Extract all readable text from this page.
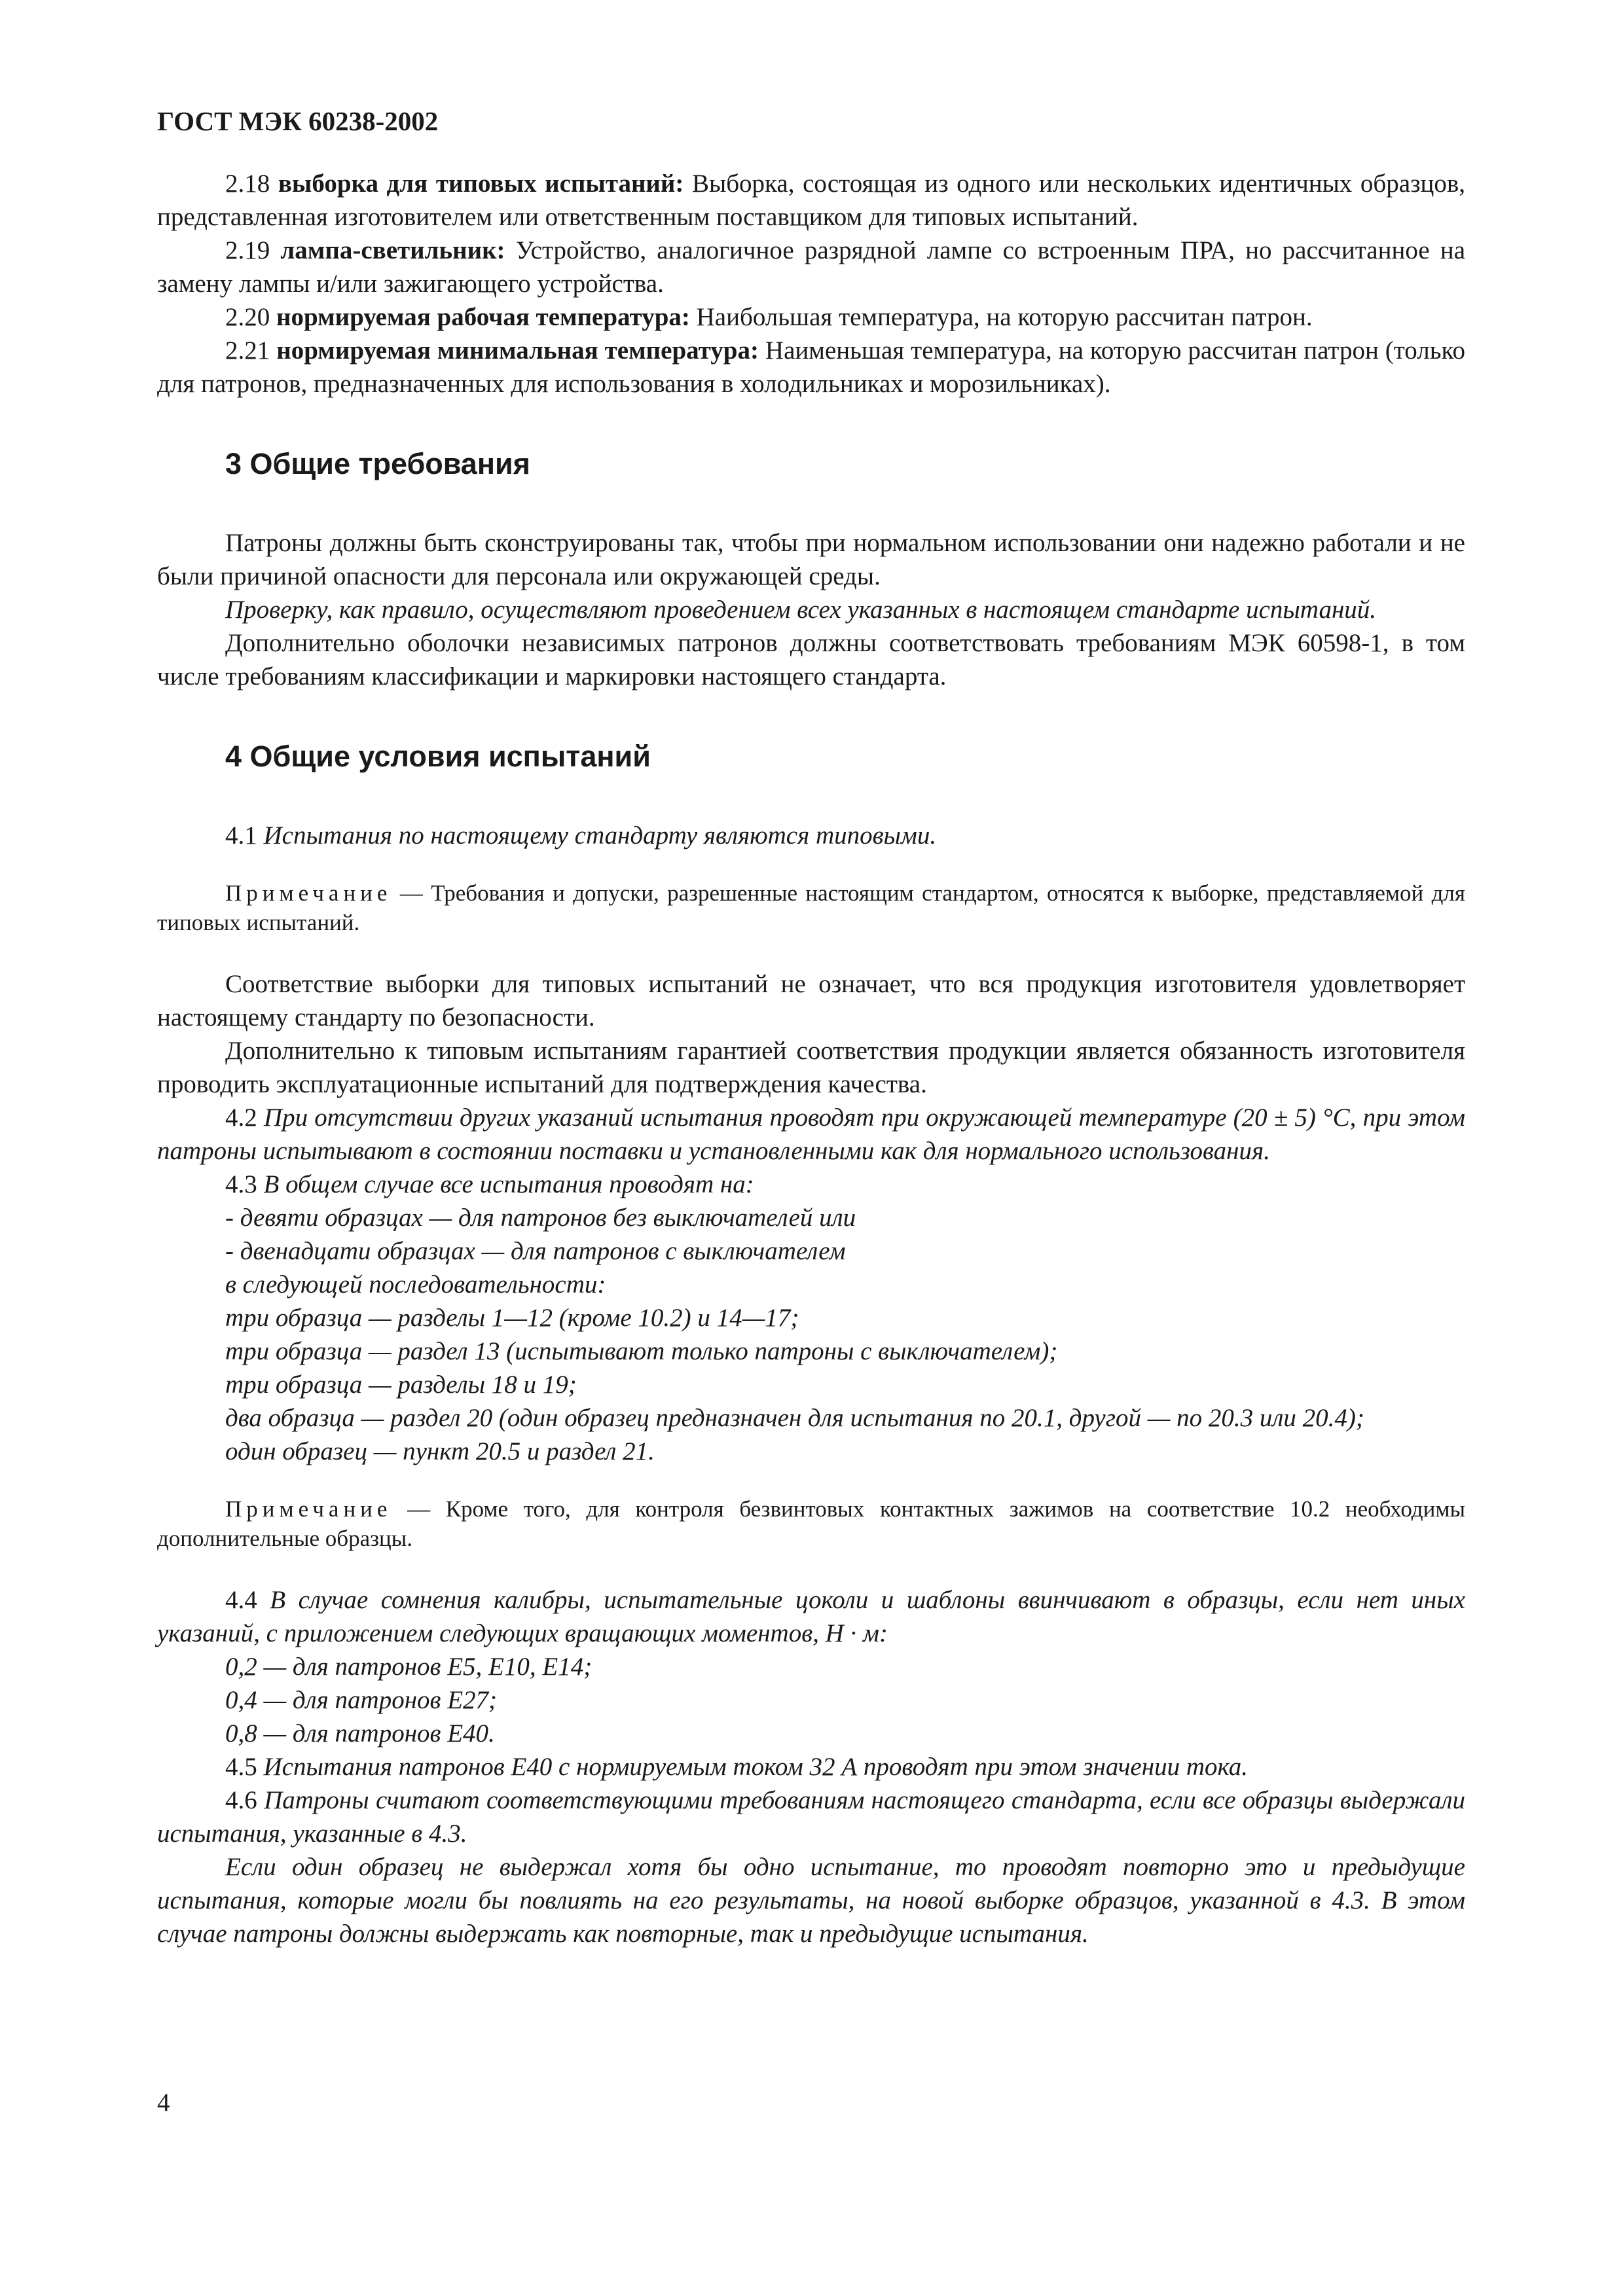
ГОСТ МЭК 60238-2002

2.18 выборка для типовых испытаний: Выборка, состоящая из одного или нескольких идентичных образцов, представленная изготовителем или ответственным поставщиком для типовых испытаний.

2.19 лампа-светильник: Устройство, аналогичное разрядной лампе со встроенным ПРА, но рассчитанное на замену лампы и/или зажигающего устройства.

2.20 нормируемая рабочая температура: Наибольшая температура, на которую рассчитан патрон.

2.21 нормируемая минимальная температура: Наименьшая температура, на которую рассчитан патрон (только для патронов, предназначенных для использования в холодильниках и морозильниках).

3 Общие требования

Патроны должны быть сконструированы так, чтобы при нормальном использовании они надежно работали и не были причиной опасности для персонала или окружающей среды.

Проверку, как правило, осуществляют проведением всех указанных в настоящем стандарте испытаний.

Дополнительно оболочки независимых патронов должны соответствовать требованиям МЭК 60598-1, в том числе требованиям классификации и маркировки настоящего стандарта.

4 Общие условия испытаний

4.1 Испытания по настоящему стандарту являются типовыми.

Примечание — Требования и допуски, разрешенные настоящим стандартом, относятся к выборке, представляемой для типовых испытаний.

Соответствие выборки для типовых испытаний не означает, что вся продукция изготовителя удовлетворяет настоящему стандарту по безопасности.

Дополнительно к типовым испытаниям гарантией соответствия продукции является обязанность изготовителя проводить эксплуатационные испытаний для подтверждения качества.

4.2 При отсутствии других указаний испытания проводят при окружающей температуре (20 ± 5) °С, при этом патроны испытывают в состоянии поставки и установленными как для нормального использования.

4.3 В общем случае все испытания проводят на:

- девяти образцах — для патронов без выключателей или

- двенадцати образцах — для патронов с выключателем

в следующей последовательности:

три образца — разделы 1—12 (кроме 10.2) и 14—17;

три образца — раздел 13 (испытывают только патроны с выключателем);

три образца — разделы 18 и 19;

два образца — раздел 20 (один образец предназначен для испытания по 20.1, другой — по 20.3 или 20.4);

один образец — пункт 20.5 и раздел 21.

Примечание — Кроме того, для контроля безвинтовых контактных зажимов на соответствие 10.2 необходимы дополнительные образцы.

4.4 В случае сомнения калибры, испытательные цоколи и шаблоны ввинчивают в образцы, если нет иных указаний, с приложением следующих вращающих моментов, Н · м:

0,2 — для патронов Е5, Е10, Е14;

0,4 — для патронов Е27;

0,8 — для патронов Е40.

4.5 Испытания патронов Е40 с нормируемым током 32 А проводят при этом значении тока.

4.6 Патроны считают соответствующими требованиям настоящего стандарта, если все образцы выдержали испытания, указанные в 4.3.

Если один образец не выдержал хотя бы одно испытание, то проводят повторно это и предыдущие испытания, которые могли бы повлиять на его результаты, на новой выборке образцов, указанной в 4.3. В этом случае патроны должны выдержать как повторные, так и предыдущие испытания.

4
